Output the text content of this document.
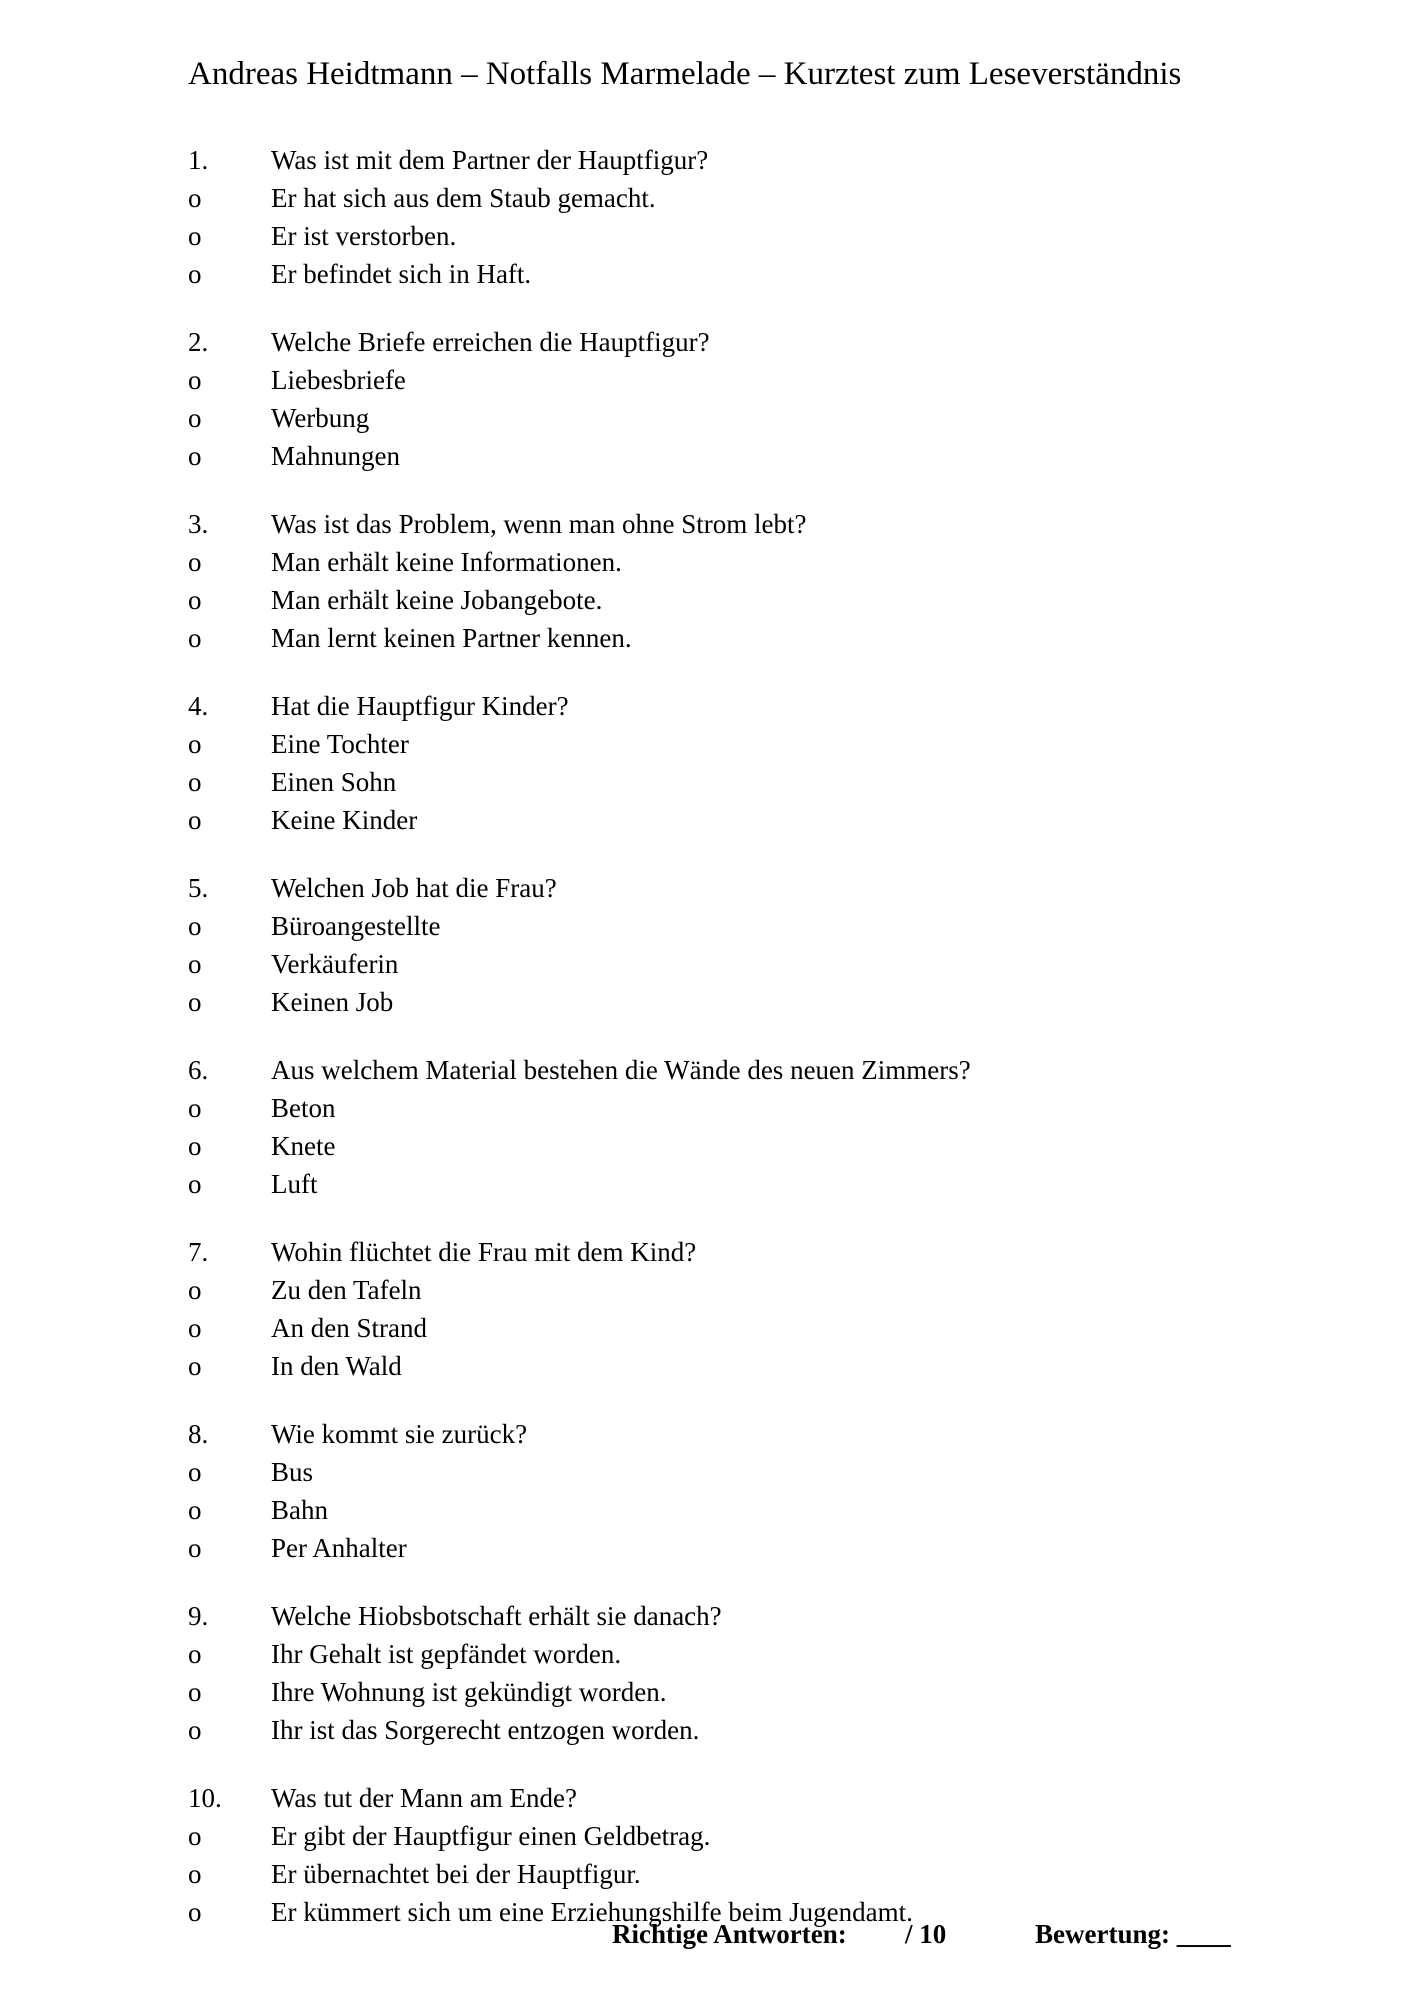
Andreas Heidtmann – Notfalls Marmelade – Kurztest zum Leseverständnis
1. Was ist mit dem Partner der Hauptfigur?
o	Er hat sich aus dem Staub gemacht.
o	Er ist verstorben.
o	Er befindet sich in Haft.
2. Welche Briefe erreichen die Hauptfigur?
o	Liebesbriefe
o	Werbung
o	Mahnungen
3. Was ist das Problem, wenn man ohne Strom lebt?
o	Man erhält keine Informationen.
o	Man erhält keine Jobangebote.
o	Man lernt keinen Partner kennen.
4. Hat die Hauptfigur Kinder?
o	Eine Tochter
o	Einen Sohn
o	Keine Kinder
5. Welchen Job hat die Frau?
o	Büroangestellte
o	Verkäuferin
o	Keinen Job
6. Aus welchem Material bestehen die Wände des neuen Zimmers?
o	Beton
o	Knete
o	Luft
7. Wohin flüchtet die Frau mit dem Kind?
o	Zu den Tafeln
o	An den Strand
o	In den Wald
8. Wie kommt sie zurück?
o	Bus
o	Bahn
o	Per Anhalter
9. Welche Hiobsbotschaft erhält sie danach?
o	Ihr Gehalt ist gepfändet worden.
o	Ihre Wohnung ist gekündigt worden.
o	Ihr ist das Sorgerecht entzogen worden.
10. Was tut der Mann am Ende?
o	Er gibt der Hauptfigur einen Geldbetrag.
o	Er übernachtet bei der Hauptfigur.
o	Er kümmert sich um eine Erziehungshilfe beim Jugendamt.
Richtige Antworten: / 10	Bewertung: ____
